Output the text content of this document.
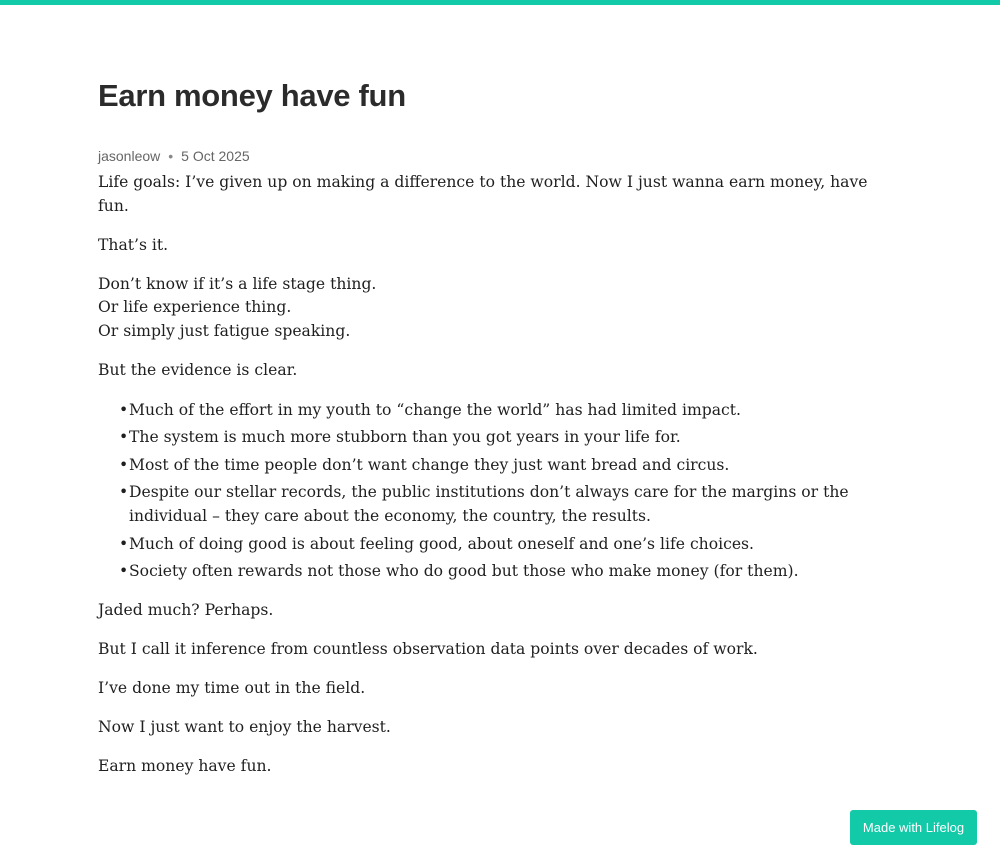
Earn money have fun
jasonleow • 5 Oct 2025

Life goals: I’ve given up on making a difference to the world. Now I just wanna earn money, have fun.

That’s it.

Don’t know if it’s a life stage thing.
Or life experience thing.
Or simply just fatigue speaking.

But the evidence is clear.

• Much of the effort in my youth to “change the world” has had limited impact.
• The system is much more stubborn than you got years in your life for.
• Most of the time people don’t want change they just want bread and circus.
• Despite our stellar records, the public institutions don’t always care for the margins or the individual – they care about the economy, the country, the results.
• Much of doing good is about feeling good, about oneself and one’s life choices.
• Society often rewards not those who do good but those who make money (for them).

Jaded much? Perhaps.

But I call it inference from countless observation data points over decades of work.

I’ve done my time out in the field.

Now I just want to enjoy the harvest.

Earn money have fun.

Made with Lifelog
